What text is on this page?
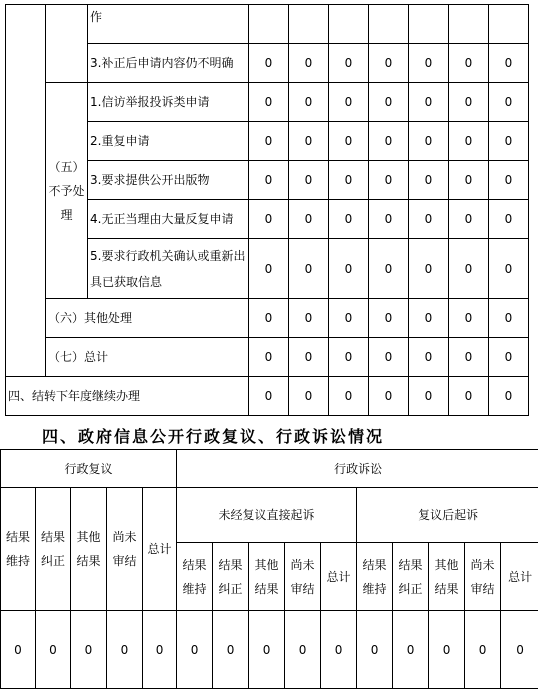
		作							
		3.补正后申请内容仍不明确	0	0	0	0	0	0	0
	（五）不予处理	1.信访举报投诉类申请	0	0	0	0	0	0	0
		2.重复申请	0	0	0	0	0	0	0
		3.要求提供公开出版物	0	0	0	0	0	0	0
		4.无正当理由大量反复申请	0	0	0	0	0	0	0
		5.要求行政机关确认或重新出具已获取信息	0	0	0	0	0	0	0
	（六）其他处理		0	0	0	0	0	0	0
	（七）总计		0	0	0	0	0	0	0
四、结转下年度继续办理			0	0	0	0	0	0	0
四、政府信息公开行政复议、行政诉讼情况
行政复议					行政诉讼									
结果维持	结果纠正	其他结果	尚未审结	总计	未经复议直接起诉					复议后起诉				
					结果维持	结果纠正	其他结果	尚未审结	总计	结果维持	结果纠正	其他结果	尚未审结	总计
0	0	0	0	0	0	0	0	0	0	0	0	0	0	0
